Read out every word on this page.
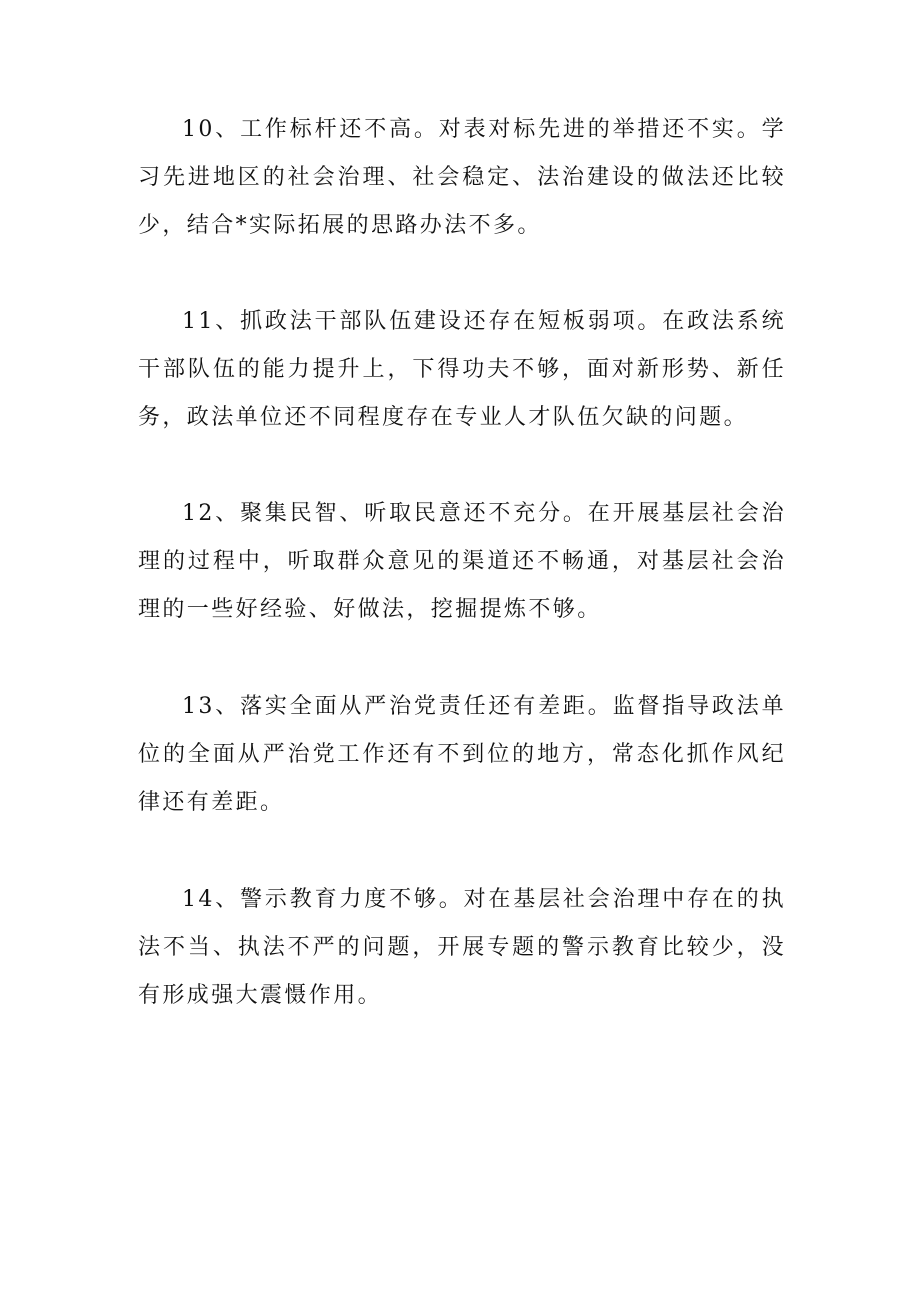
10、工作标杆还不高。对表对标先进的举措还不实。学习先进地区的社会治理、社会稳定、法治建设的做法还比较少，结合*实际拓展的思路办法不多。

11、抓政法干部队伍建设还存在短板弱项。在政法系统干部队伍的能力提升上，下得功夫不够，面对新形势、新任务，政法单位还不同程度存在专业人才队伍欠缺的问题。

12、聚集民智、听取民意还不充分。在开展基层社会治理的过程中，听取群众意见的渠道还不畅通，对基层社会治理的一些好经验、好做法，挖掘提炼不够。

13、落实全面从严治党责任还有差距。监督指导政法单位的全面从严治党工作还有不到位的地方，常态化抓作风纪律还有差距。

14、警示教育力度不够。对在基层社会治理中存在的执法不当、执法不严的问题，开展专题的警示教育比较少，没有形成强大震慑作用。
